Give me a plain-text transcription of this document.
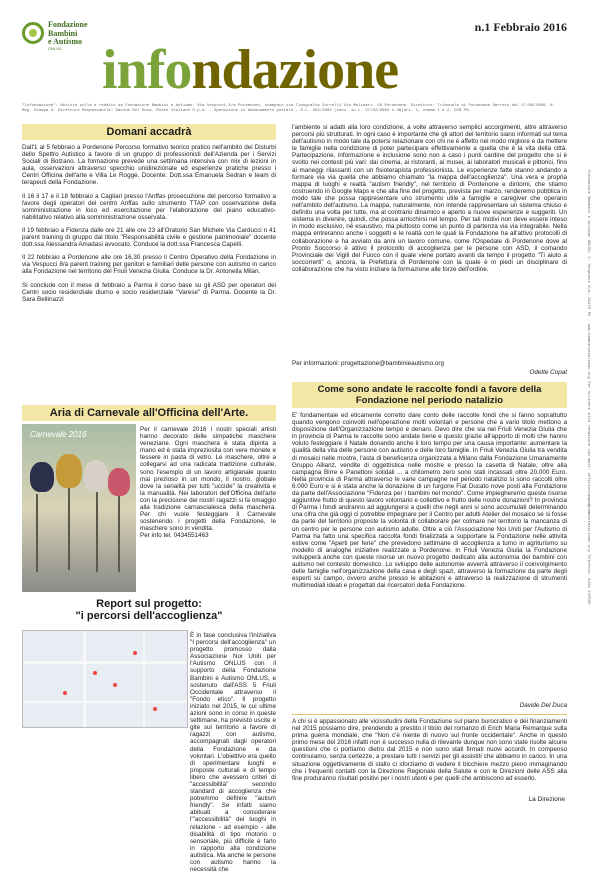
Fondazione
Bambini
e Autismo
ONLUS
n.1 Febbraio 2016
infondazione
"Infondazione": Notizie sulla e reddito da Fondazione Bambini e Autismo. Via Vespucci 8/a Pordenone, stampato via Tipografia Sorrelli Via Molinari. 58 Pordenone. Direttore: Tribunale di Pordenone Decreto del 17/08/2008, N. Reg. Stampa 4. Direttore Responsabile: Davide Del Duca. Poste Italiane S.p.A. - Spedizione in abbonamento postale - D.L. 353/2003 (conv. in L. 27/02/2004 n.46)art. 1, comma 1 e 2, DCB PN.
Fondazione Bambini e Autismo ONLUS, V. Vespucci 8/a, 33170 Pn - www.bambinieautismo.org Per scrivere alla redazione via mail: ufficiostampa@bambinieautismo.org Telefono: 0434 247530
Domani accadrà

Dall'1 al 5 febbraio a Pordenone Percorso formativo teorico pratico nell'ambito dei Disturbi dello Spettro Autistico a favore di un gruppo di professionisti dell'Azienda per i Servizi Sociali di Bolzano. La formazione prevede una settimana intensiva con mix di lezioni in aula, osservazioni attraverso specchio unidirezionale ed esperienze pratiche presso i Centri Officina dell'arte e Villa Le Rogge. Docente: Dott.ssa Emanuela Sedran e team di terapeuti della Fondazione.

Il 16 il 17 e il 18 febbraio a Cagliari presso l'Anffas prosecuzione del percorso formativo a favore degli operatori del centro Anffas sullo strumento TTAP con osservazione della somministrazione in loco ed esercitazione per l'elaborazione del piano educativo- riabilitativo relativo alla somministrazione osservata.

Il 19 febbraio a Fidenza dalle ore 21 alle ore 23 all'Oratorio San Michele Via Carducci n 41 parent training di gruppo dal titolo "Responsabilità civile e gestione patrimoniale" docente dott.ssa Alessandra Amadasi avvocato. Conduce la dott.ssa Francesca Capelli.

Il 22 febbraio a Pordenone alle ore 16.30 presso il Centro Operativo della Fondazione in via Vespucci 8/a parent training per genitori e familiari delle persone con autismo in carico alla Fondazione nel territorio del Friuli Venezia Giulia. Conduce la Dr. Antonella Milan.

Si conclude con il mese di febbraio a Parma il corso base su gli ASD per operatori dei Centri socio residenziale diurno e socio residenziale "Varese" di Parma. Docente la Dr. Sara Bellinazzi

Aria di Carnevale all'Officina dell'Arte.
Carnevale 2016

Per il carnevale 2016 i nostri speciali artisti hanno decorato delle simpatiche maschere veneziane. Ogni maschera è stata dipinta a mano ed è stata impreziosita con vere monete e tessere in pasta di vetro. Le maschere, oltre a collegarsi ad una radicata tradizione culturale, sono l'esempio di un lavoro artigianale quanto mai prezioso in un mondo, il nostro, globale dove la serialità per tutti "uccide" la creatività e la manualità. Nei laboratori dell'Officina dell'arte con la precisione dei nostri ragazzi si fa omaggio alla tradizione carnascialesca della maschera. Per chi vuole festeggiare il Carnevale sostenendo i progetti della Fondazione, le maschere sono in vendita.

Per info tel. 0434551463

Report sul progetto:
"i percorsi dell'accoglienza"

È in fase conclusiva l'iniziativa "I percorsi dell'accoglienza" un progetto promosso dalla Associazione Noi Uniti per l'Autismo ONLUS con il supporto della Fondazione Bambini e Autismo ONLUS, e sostenuto dall'ASS 5 Friuli Occidentale attraverso il "Fondo etico". Il progetto iniziato nel 2015, le cui ultime azioni sono in corso in queste settimane, ha previsto uscite e gite sul territorio a favore di ragazzi con autismo, accompagnati dagli operatori della Fondazione e da volontari. L'obiettivo era quello di sperimentare luoghi e proposte culturali e di tempo libero che avessero criteri di "accessibilità" secondo standard di accoglienza che potremmo definire "autism friendly". Se infatti siamo abituati a considerare l'"accessibilità" dei luoghi in relazione - ad esempio - alle disabilità di tipo motorio o sensoriale, più difficile è farlo in rapporto alla condizione autistica. Ma anche le persone con autismo hanno la necessità che

l'ambiente si adatti alla loro condizione, a volte attraverso semplici accorgimenti, altre attraverso percorsi più strutturati. In ogni caso è importante che gli attori del territorio siano informati sul tema dell'autismo in modo tale da potersi relazionare con chi ne è affetto nel modo migliore e da mettere le famiglie nella condizione di poter partecipare effettivamente a quella che è la vita della città. Partecipazione, informazione e inclusione sono non a caso i punti cardine del progetto che si è svolto nei contesti più vari: dai cinema, ai ristoranti, ai musei, ai laboratori musicali e pittorici, fino ai maneggi rilassanti con un fisioterapista professionista. Le esperienze fatte stanno andando a formare via via quella che abbiamo chiamato "la mappa dell'accoglienza". Una vera e propria mappa di luoghi e realtà "autism friendly", nel territorio di Pordenone e dintorni, che stiamo costruendo in Google Maps e che alla fine del progetto, prevista per marzo, renderemo pubblica in modo tale che possa rappresentare uno strumento utile a famiglie e caregiver che operano nell'ambito dell'autismo. La mappa, naturalmente, non intende rappresentare un sistema chiuso e definito una volta per tutte, ma al contrario dinamico e aperto a nuove esperienze e suggeriti. Un sistema in divenire, quindi, che possa arricchirsi nel tempo. Per tali motivi non deve essere inteso in modo esclusivo, né esaustivo, ma piuttosto come un punto di partenza via via integrabile. Nella mappa entreranno anche i soggetti e le realtà con le quali la Fondazione ha all'attivo protocolli di collaborazione e ha avviato da anni un lavoro comune, come l'Ospedale di Pordenone dove al Pronto Soccorso è attivo il protocollo di accoglienza per le persone con ASD, il comando Provinciale dei Vigili del Fuoco con il quale viene portato avanti da tempo il progetto "Ti aiuto a soccorrerti" o, ancora, la Prefettura di Pordenone con la quale è in piedi un disciplinare di collaborazione che ha visto iniziare la formazione alle forze dell'ordine.

Per informazioni: progettazione@bambinieautismo.org
Odette Copat
Come sono andate le raccolte fondi a favore della
Fondazione nel periodo natalizio

E' fondamentale ed eticamente corretto dare conto delle raccolte fondi che si fanno soprattutto quando vengono coinvolti nell'operazione molti volontari e persone che a vario titolo mettono a disposizione dell'Organizzazione tempo e denaro. Devo dire che sia nel Friuli Venezia Giulia che in provincia di Parma le raccolte sono andate bene e questo grazie all'apporto di molti che hanno voluto festeggiare il Natale donando anche il loro tempo per una causa importante: aumentare la qualità della vita delle persone con autismo e delle loro famiglie. In Friuli Venezia Giulia tra vendita di mosaici nelle mostre, l'asta di beneficenza organizzata a Milano dalla Fondazione Umanamente Gruppo Allianz, vendite di oggettistica nelle mostre e presso la casetta di Natale, oltre alla campagna Birre e Panettoni solidali ... a chilometro zero sono stati incassati oltre 20.000 Euro. Nella provincia di Parma attraverso le varie campagne nel periodo natalizio si sono raccolti oltre 6.000 Euro e si è stata anche la donazione di un furgone Fiat Ducato nove posti alla Fondazione da parte dell'Associazione "Fidenza per i bambini nel mondo". Come impiegheremo queste risorse aggiuntive frutto di questo lavoro volontario e collettivo e frutto delle nostre donazioni? In provincia di Parma i fondi andranno ad aggiungersi a quelli che negli anni si sono accumulati determinando una cifra che già oggi ci potrebbe impegnare per il Centro per adulti Atelier del mosaico se si fosse da parte del territorio proposte la volontà di collaborare per colmare nel territorio la mancanza di un centro per le persone con autismo adulte. Oltre a ciò l'Associazione Noi Uniti per l'Autismo di Parma ha fatto una specifica raccolta fondi finalizzata a supportare la Fondazione nelle attività estive come "Aperti per ferie" che prevedono settimane di accoglienza a turno in agriturismo su modello di analoghe iniziative realizzate a Pordenone. In Friuli Venezia Giulia la Fondazione svilupperà anche con queste risorse un nuovo progetto dedicato alla autonomia dei bambini con autismo nel contesto domestico. Lo sviluppo delle autonomie avverrà attraverso il coinvolgimento delle famiglie nell'organizzazione della casa e degli spazi, attraverso la formazione da parte degli esperti su campo, ovvero anche presso le abitazioni e attraverso la realizzazione di strumenti multimediali ideati e progettati dai ricercatori della Fondazione.

Davide Del Duca

A chi si è appassionato alle vicissitudini della Fondazione sul piano burocratico e dei finanziamenti nel 2015 possiamo dire, prendendo a prestito il titolo del romanzo di Erich Maria Remarque sulla prima guerra mondiale, che "Non c'è niente di nuovo sul fronte occidentale". Anche in questo primo mese del 2016 infatti non è successo nulla di rilevante dunque non sono state risolte alcune questioni che ci portiamo dietro dal 2015 e non sono stati firmati nuovi accordi. In compenso continuiamo, senza certezze, a prestare tutti i servizi per gli assistiti che abbiamo in carico. In una situazione oggettivamente di stallo ci sforziamo di vedere il bicchiere mezzo pieno immaginando che i frequenti contatti con la Direzione Regionale della Salute e con le Direzioni delle ASS alla fine produranno risultati positivi per i nostri utenti e per quelli che ambiscono ad esserlo.

La Direzione
